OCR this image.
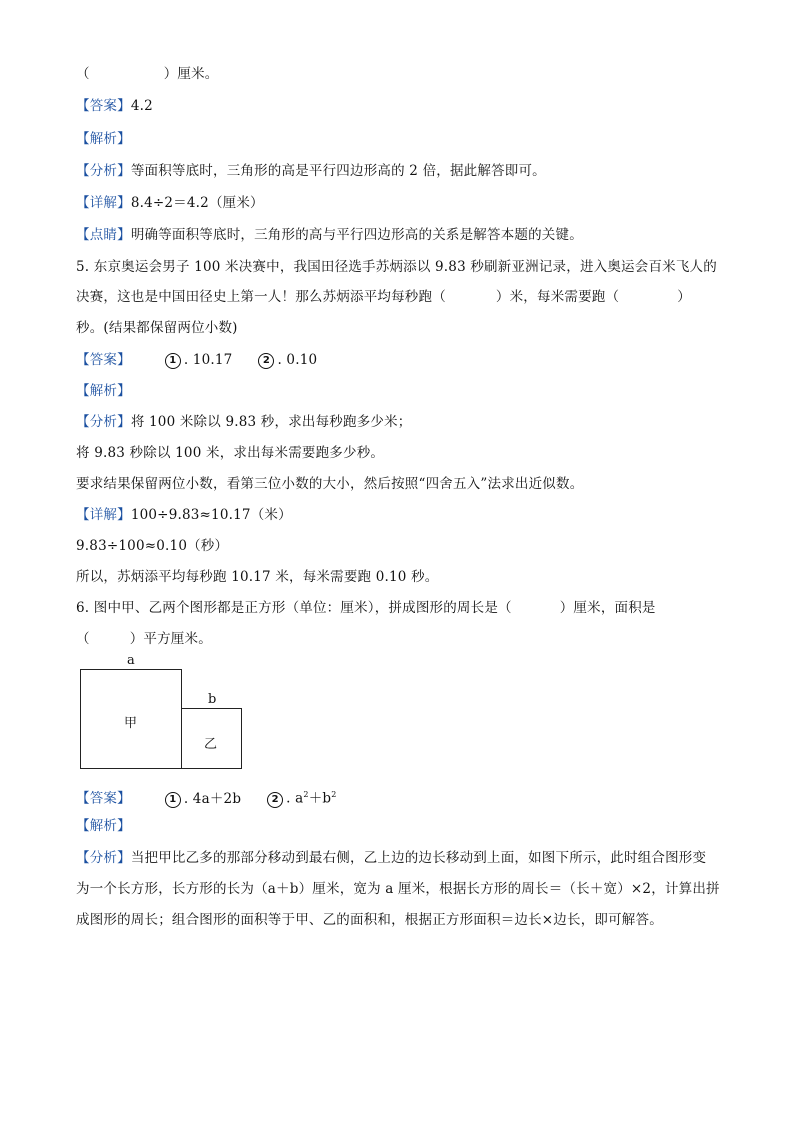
（	）厘米。

【答案】4.2

【解析】

【分析】等面积等底时，三角形的高是平行四边形高的 2 倍，据此解答即可。

【详解】8.4÷2＝4.2（厘米）

【点睛】明确等面积等底时，三角形的高与平行四边形高的关系是解答本题的关键。

5. 东京奥运会男子 100 米决赛中，我国田径选手苏炳添以 9.83 秒刷新亚洲记录，进入奥运会百米飞人的

决赛，这也是中国田径史上第一人！那么苏炳添平均每秒跑（	）米，每米需要跑（	）

秒。(结果都保留两位小数)

【答案】	1 . 10.17	2 . 0.10

【解析】

【分析】将 100 米除以 9.83 秒，求出每秒跑多少米；

将 9.83 秒除以 100 米，求出每米需要跑多少秒。

要求结果保留两位小数，看第三位小数的大小，然后按照“四舍五入”法求出近似数。

【详解】100÷9.83≈10.17（米）

9.83÷100≈0.10（秒）

所以，苏炳添平均每秒跑 10.17 米，每米需要跑 0.10 秒。

6. 图中甲、乙两个图形都是正方形（单位：厘米），拼成图形的周长是（	）厘米，面积是

（	）平方厘米。

a
甲
b
乙

【答案】	1 . 4a＋2b	2 . $a^2+b^2$

【解析】

【分析】当把甲比乙多的那部分移动到最右侧，乙上边的边长移动到上面，如图下所示，此时组合图形变

为一个长方形，长方形的长为（a＋b）厘米，宽为 a 厘米，根据长方形的周长＝（长＋宽）×2，计算出拼

成图形的周长；组合图形的面积等于甲、乙的面积和，根据正方形面积＝边长×边长，即可解答。
